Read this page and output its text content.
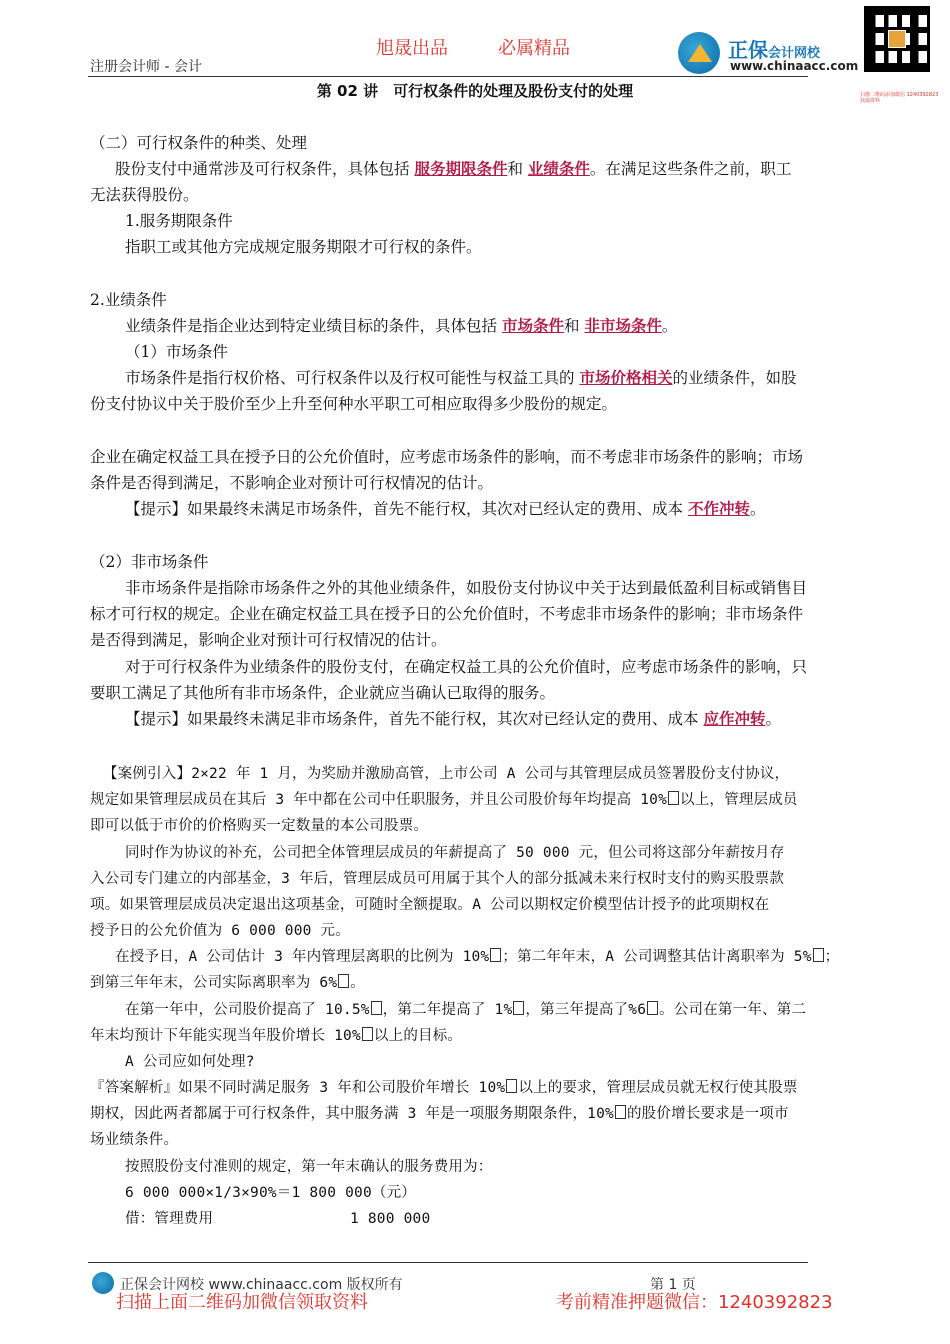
旭晟出品	必属精品
注册会计师 - 会计
正保会计网校
www.chinaacc.com
扫描二维码添加微信 1240392823 获取资料
第 02 讲　可行权条件的处理及股份支付的处理
（二）可行权条件的种类、处理
股份支付中通常涉及可行权条件，具体包括 服务期限条件和 业绩条件。在满足这些条件之前，职工
无法获得股份。
1.服务期限条件
指职工或其他方完成规定服务期限才可行权的条件。
2.业绩条件
业绩条件是指企业达到特定业绩目标的条件，具体包括 市场条件和 非市场条件。
（1）市场条件
市场条件是指行权价格、可行权条件以及行权可能性与权益工具的 市场价格相关的业绩条件，如股
份支付协议中关于股价至少上升至何种水平职工可相应取得多少股份的规定。
企业在确定权益工具在授予日的公允价值时，应考虑市场条件的影响，而不考虑非市场条件的影响；市场
条件是否得到满足，不影响企业对预计可行权情况的估计。
【提示】如果最终未满足市场条件，首先不能行权，其次对已经认定的费用、成本 不作冲转。
（2）非市场条件
非市场条件是指除市场条件之外的其他业绩条件，如股份支付协议中关于达到最低盈利目标或销售目
标才可行权的规定。企业在确定权益工具在授予日的公允价值时，不考虑非市场条件的影响；非市场条件
是否得到满足，影响企业对预计可行权情况的估计。
对于可行权条件为业绩条件的股份支付，在确定权益工具的公允价值时，应考虑市场条件的影响，只
要职工满足了其他所有非市场条件，企业就应当确认已取得的服务。
【提示】如果最终未满足非市场条件，首先不能行权，其次对已经认定的费用、成本 应作冲转。
【案例引入】2×22 年 1 月，为奖励并激励高管，上市公司 A 公司与其管理层成员签署股份支付协议，
规定如果管理层成员在其后 3 年中都在公司中任职服务，并且公司股价每年均提高 10% 以上，管理层成员
即可以低于市价的价格购买一定数量的本公司股票。
同时作为协议的补充，公司把全体管理层成员的年薪提高了 50 000 元，但公司将这部分年薪按月存
入公司专门建立的内部基金，3 年后，管理层成员可用属于其个人的部分抵减未来行权时支付的购买股票款
项。如果管理层成员决定退出这项基金，可随时全额提取。A 公司以期权定价模型估计授予的此项期权在
授予日的公允价值为 6 000 000 元。
在授予日，A 公司估计 3 年内管理层离职的比例为 10% ；第二年年末，A 公司调整其估计离职率为 5% ；
到第三年年末，公司实际离职率为 6% 。
在第一年中，公司股价提高了 10.5% ，第二年提高了 1% ，第三年提高了%6 。公司在第一年、第二
年末均预计下年能实现当年股价增长 10% 以上的目标。
A 公司应如何处理?
『答案解析』如果不同时满足服务 3 年和公司股价年增长 10% 以上的要求，管理层成员就无权行使其股票
期权，因此两者都属于可行权条件，其中服务满 3 年是一项服务期限条件，10% 的股价增长要求是一项市
场业绩条件。
按照股份支付准则的规定，第一年末确认的服务费用为：
6 000 000×1/3×90%＝1 800 000（元）
借：管理费用	1 800 000
正保会计网校 www.chinaacc.com 版权所有	第 1 页
扫描上面二维码加微信领取资料	考前精准押题微信：1240392823
